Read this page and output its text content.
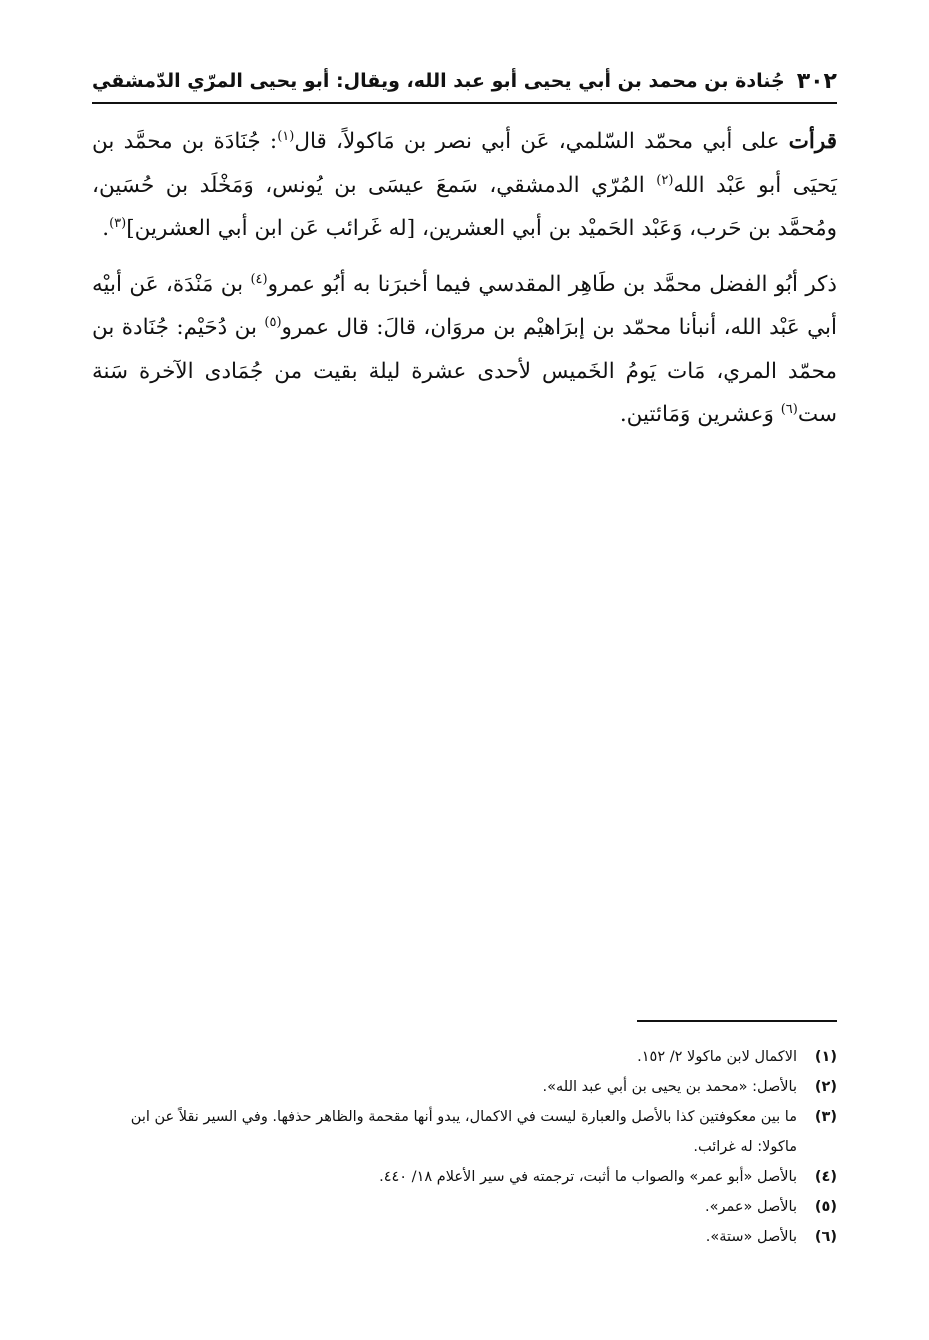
٣٠٢
جُنادة بن محمد بن أبي يحيى أبو عبد الله، ويقال: أبو يحيى المرّي الدّمشقي

قرأت على أبي محمّد السّلمي، عَن أبي نصر بن مَاكولاً، قال$^{(١)}$: جُنَادَة بن محمَّد بن يَحيَى أبو عَبْد الله$^{(٢)}$ المُرّي الدمشقي، سَمعَ عيسَى بن يُونس، وَمَخْلَد بن حُسَين، ومُحمَّد بن حَرب، وَعَبْد الحَميْد بن أبي العشرين، [له غَرائب عَن ابن أبي العشرين]$^{(٣)}$.

ذكر أبُو الفضل محمَّد بن طَاهِر المقدسي فيما أخبرَنا به أبُو عمرو$^{(٤)}$ بن مَنْدَة، عَن أبيْه أبي عَبْد الله، أنبأنا محمّد بن إبرَاهيْم بن مروَان، قالَ: قال عمرو$^{(٥)}$ بن دُحَيْم: جُنَادة بن محمّد المري، مَات يَومُ الخَميس لأحدى عشرة ليلة بقيت من جُمَادى الآخرة سَنة ست$^{(٦)}$ وَعشرين وَمَائتين.

(١)
الاكمال لابن ماكولا ٢/ ١٥٢.
(٢)
بالأصل: «محمد بن يحيى بن أبي عبد الله».
(٣)
ما بين معكوفتين كذا بالأصل والعبارة ليست في الاكمال، يبدو أنها مقحمة والظاهر حذفها. وفي السير نقلاً عن ابن ماكولا: له غرائب.
(٤)
بالأصل «أبو عمر» والصواب ما أثبت، ترجمته في سير الأعلام ١٨/ ٤٤٠.
(٥)
بالأصل «عمر».
(٦)
بالأصل «ستة».
